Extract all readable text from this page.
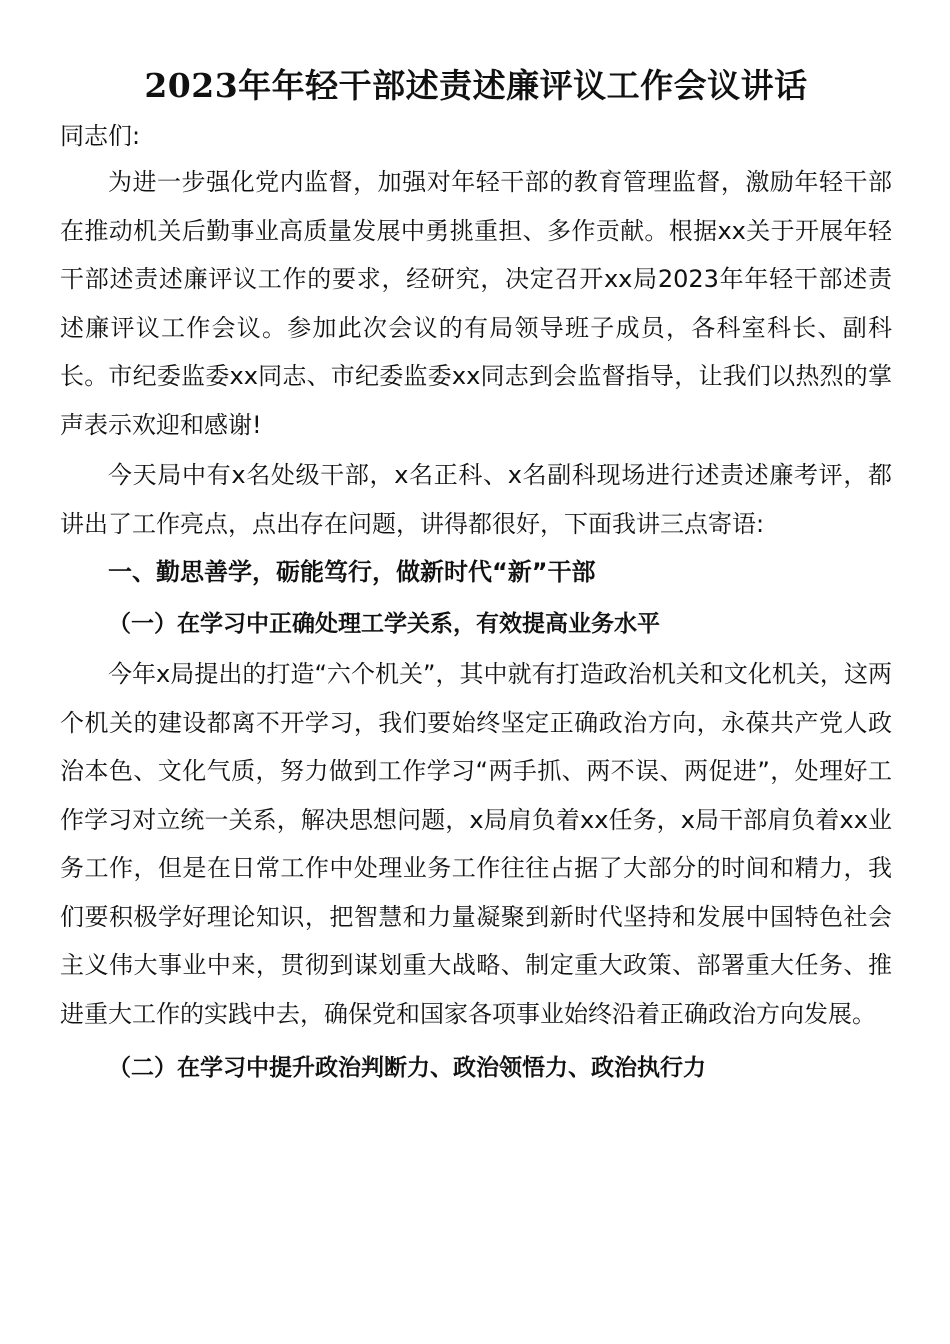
2023年年轻干部述责述廉评议工作会议讲话

同志们:

为进一步强化党内监督，加强对年轻干部的教育管理监督，激励年轻干部在推动机关后勤事业高质量发展中勇挑重担、多作贡献。根据xx关于开展年轻干部述责述廉评议工作的要求，经研究，决定召开xx局2023年年轻干部述责述廉评议工作会议。参加此次会议的有局领导班子成员，各科室科长、副科长。市纪委监委xx同志、市纪委监委xx同志到会监督指导，让我们以热烈的掌声表示欢迎和感谢!

今天局中有x名处级干部，x名正科、x名副科现场进行述责述廉考评，都讲出了工作亮点，点出存在问题，讲得都很好，下面我讲三点寄语:

一、勤思善学，砺能笃行，做新时代“新”干部

（一）在学习中正确处理工学关系，有效提高业务水平

今年x局提出的打造“六个机关”，其中就有打造政治机关和文化机关，这两个机关的建设都离不开学习，我们要始终坚定正确政治方向，永葆共产党人政治本色、文化气质，努力做到工作学习“两手抓、两不误、两促进”，处理好工作学习对立统一关系，解决思想问题，x局肩负着xx任务，x局干部肩负着xx业务工作，但是在日常工作中处理业务工作往往占据了大部分的时间和精力，我们要积极学好理论知识，把智慧和力量凝聚到新时代坚持和发展中国特色社会主义伟大事业中来，贯彻到谋划重大战略、制定重大政策、部署重大任务、推进重大工作的实践中去，确保党和国家各项事业始终沿着正确政治方向发展。

（二）在学习中提升政治判断力、政治领悟力、政治执行力
